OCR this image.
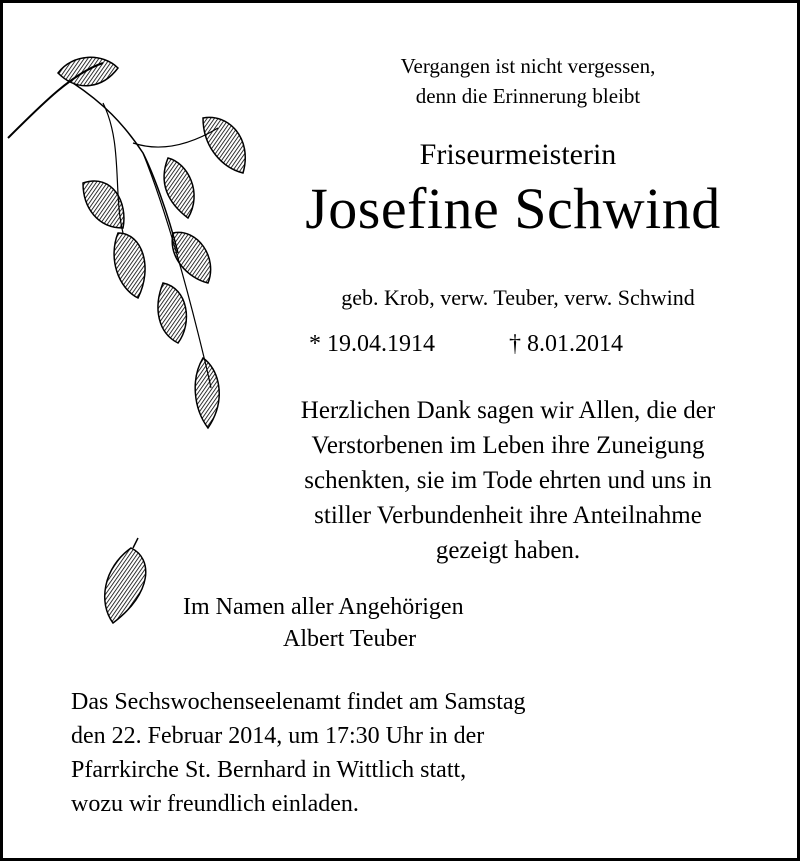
Vergangen ist nicht vergessen,
denn die Erinnerung bleibt
Friseurmeisterin
Josefine Schwind
geb. Krob, verw. Teuber, verw. Schwind
* 19.04.1914	† 8.01.2014
Herzlichen Dank sagen wir Allen, die der
Verstorbenen im Leben ihre Zuneigung
schenkten, sie im Tode ehrten und uns in
stiller Verbundenheit ihre Anteilnahme
gezeigt haben.
Im Namen aller Angehörigen
Albert Teuber
Das Sechswochenseelenamt findet am Samstag
den 22. Februar 2014, um 17:30 Uhr in der
Pfarrkirche St. Bernhard in Wittlich statt,
wozu wir freundlich einladen.
